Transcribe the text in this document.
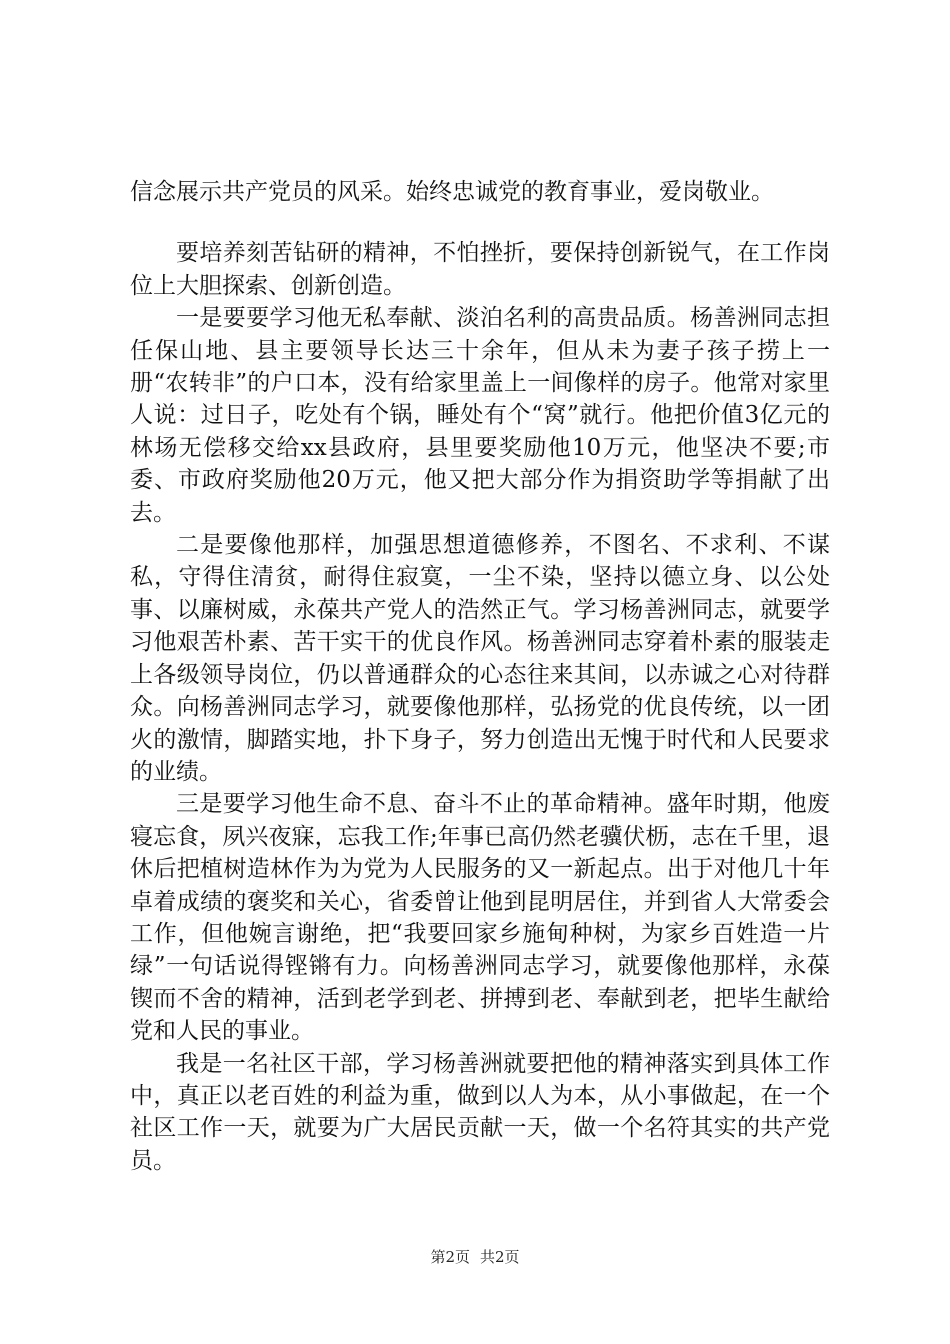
信念展示共产党员的风采。始终忠诚党的教育事业，爱岗敬业。

要培养刻苦钻研的精神，不怕挫折，要保持创新锐气，在工作岗位上大胆探索、创新创造。

一是要要学习他无私奉献、淡泊名利的高贵品质。杨善洲同志担任保山地、县主要领导长达三十余年，但从未为妻子孩子捞上一册“农转非”的户口本，没有给家里盖上一间像样的房子。他常对家里人说：过日子，吃处有个锅，睡处有个“窝”就行。他把价值3亿元的林场无偿移交给xx县政府，县里要奖励他10万元，他坚决不要;市委、市政府奖励他20万元，他又把大部分作为捐资助学等捐献了出去。

二是要像他那样，加强思想道德修养，不图名、不求利、不谋私，守得住清贫，耐得住寂寞，一尘不染，坚持以德立身、以公处事、以廉树威，永葆共产党人的浩然正气。学习杨善洲同志，就要学习他艰苦朴素、苦干实干的优良作风。杨善洲同志穿着朴素的服装走上各级领导岗位，仍以普通群众的心态往来其间，以赤诚之心对待群众。向杨善洲同志学习，就要像他那样，弘扬党的优良传统，以一团火的激情，脚踏实地，扑下身子，努力创造出无愧于时代和人民要求的业绩。

三是要学习他生命不息、奋斗不止的革命精神。盛年时期，他废寝忘食，夙兴夜寐，忘我工作;年事已高仍然老骥伏枥，志在千里，退休后把植树造林作为为党为人民服务的又一新起点。出于对他几十年卓着成绩的褒奖和关心，省委曾让他到昆明居住，并到省人大常委会工作，但他婉言谢绝，把“我要回家乡施甸种树，为家乡百姓造一片绿”一句话说得铿锵有力。向杨善洲同志学习，就要像他那样，永葆锲而不舍的精神，活到老学到老、拼搏到老、奉献到老，把毕生献给党和人民的事业。

我是一名社区干部，学习杨善洲就要把他的精神落实到具体工作中，真正以老百姓的利益为重，做到以人为本，从小事做起，在一个社区工作一天，就要为广大居民贡献一天，做一个名符其实的共产党员。

第2页 共2页
